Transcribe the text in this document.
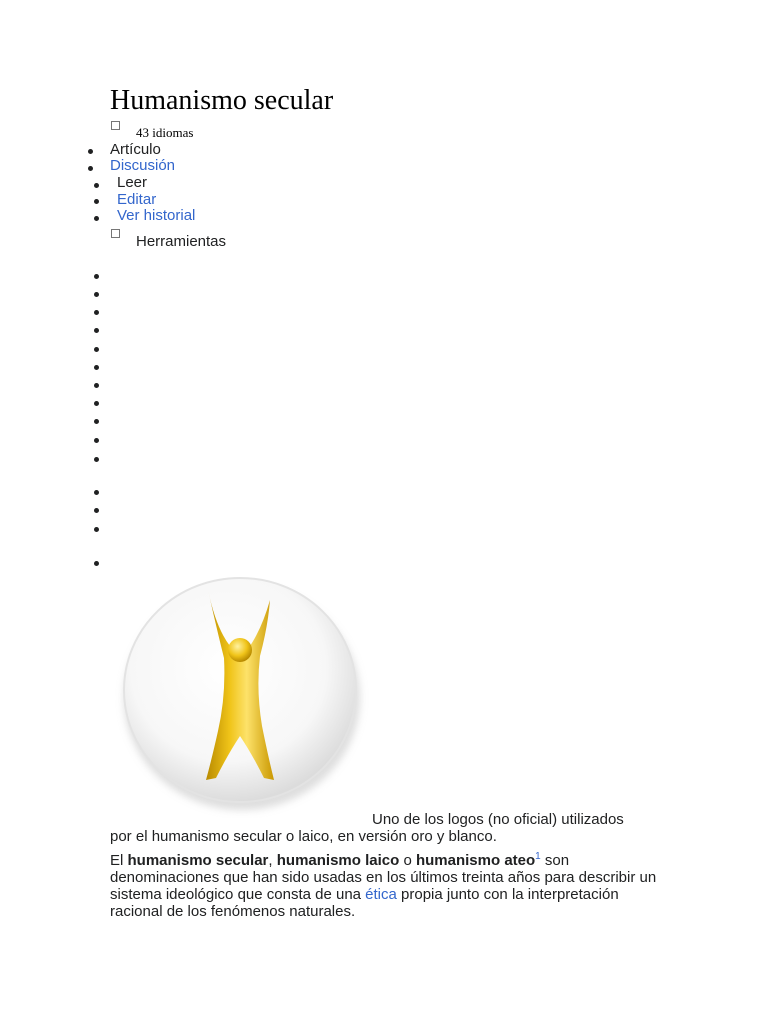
Humanismo secular
43 idiomas
Artículo
Discusión
Leer
Editar
Ver historial
Herramientas
Uno de los logos (no oficial) utilizados
por el humanismo secular o laico, en versión oro y blanco.

El humanismo secular, humanismo laico o humanismo ateo$^1$ son denominaciones que han sido usadas en los últimos treinta años para describir un sistema ideológico que consta de una ética propia junto con la interpretación racional de los fenómenos naturales.
